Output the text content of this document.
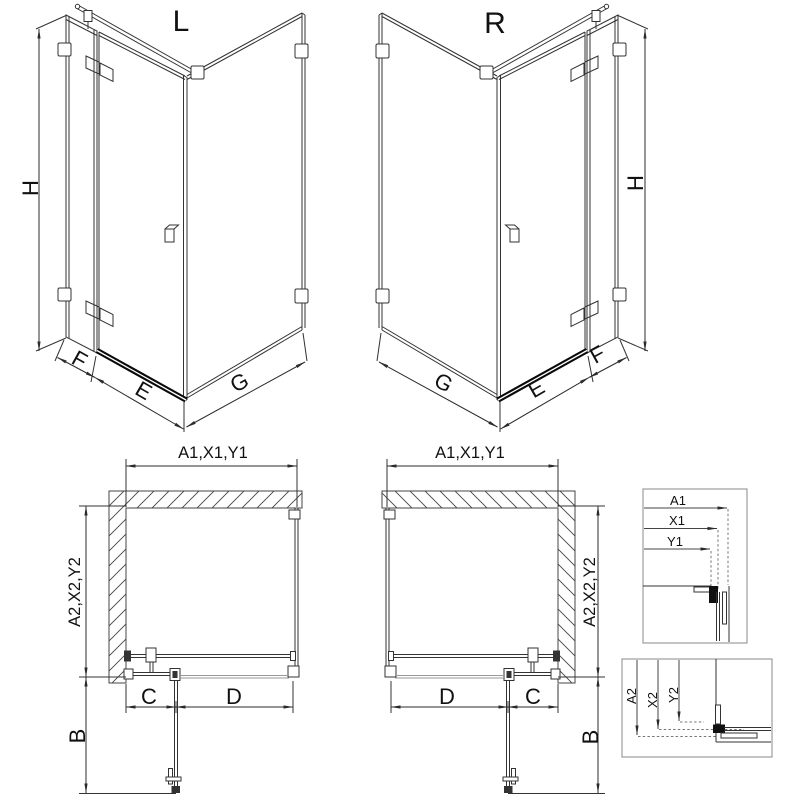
L
H
F
E	G
R
H
G	E
F
A1,X1,Y1
A2,X2,Y2
C	D
B
A1,X1,Y1
A2,X2,Y2
D	C
B
A1
X1
Y1
A2 X2 Y2
